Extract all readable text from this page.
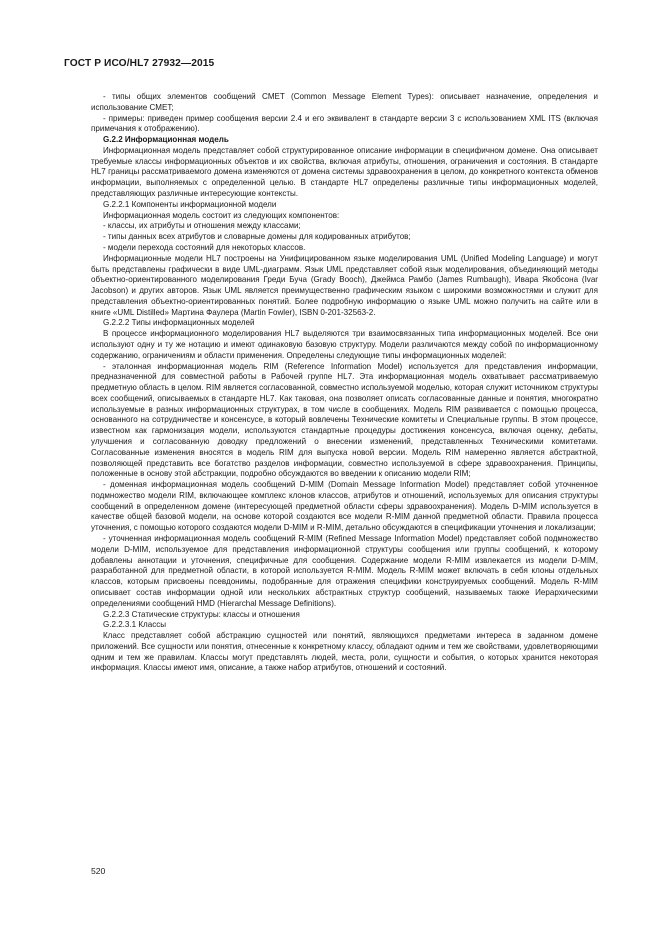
ГОСТ Р ИСО/HL7 27932—2015

- типы общих элементов сообщений CMET (Common Message Element Types): описывает назначение, определения и использование CMET;

- примеры: приведен пример сообщения версии 2.4 и его эквивалент в стандарте версии 3 с использованием XML ITS (включая примечания к отображению).

G.2.2 Информационная модель

Информационная модель представляет собой структурированное описание информации в специфичном домене. Она описывает требуемые классы информационных объектов и их свойства, включая атрибуты, отношения, ограничения и состояния. В стандарте HL7 границы рассматриваемого домена изменяются от домена системы здравоохранения в целом, до конкретного контекста обменов информации, выполняемых с определенной целью. В стандарте HL7 определены различные типы информационных моделей, представляющих различные интересующие контексты.

G.2.2.1 Компоненты информационной модели

Информационная модель состоит из следующих компонентов:

- классы, их атрибуты и отношения между классами;

- типы данных всех атрибутов и словарные домены для кодированных атрибутов;

- модели перехода состояний для некоторых классов.

Информационные модели HL7 построены на Унифицированном языке моделирования UML (Unified Modeling Language) и могут быть представлены графически в виде UML-диаграмм. Язык UML представляет собой язык моделирования, объединяющий методы объектно-ориентированного моделирования Греди Буча (Grady Booch), Джеймса Рамбо (James Rumbaugh), Ивара Якобсона (Ivar Jacobson) и других авторов. Язык UML является преимущественно графическим языком с широкими возможностями и служит для представления объектно-ориентированных понятий. Более подробную информацию о языке UML можно получить на сайте или в книге «UML Distilled» Мартина Фаулера (Martin Fowler), ISBN 0-201-32563-2.

G.2.2.2 Типы информационных моделей

В процессе информационного моделирования HL7 выделяются три взаимосвязанных типа информационных моделей. Все они используют одну и ту же нотацию и имеют одинаковую базовую структуру. Модели различаются между собой по информационному содержанию, ограничениям и области применения. Определены следующие типы информационных моделей:

- эталонная информационная модель RIM (Reference Information Model) используется для представления информации, предназначенной для совместной работы в Рабочей группе HL7. Эта информационная модель охватывает рассматриваемую предметную область в целом. RIM является согласованной, совместно используемой моделью, которая служит источником структуры всех сообщений, описываемых в стандарте HL7. Как таковая, она позволяет описать согласованные данные и понятия, многократно используемые в разных информационных структурах, в том числе в сообщениях. Модель RIM развивается с помощью процесса, основанного на сотрудничестве и консенсусе, в который вовлечены Технические комитеты и Специальные группы. В этом процессе, известном как гармонизация модели, используются стандартные процедуры достижения консенсуса, включая оценку, дебаты, улучшения и согласованную доводку предложений о внесении изменений, представленных Техническими комитетами. Согласованные изменения вносятся в модель RIM для выпуска новой версии. Модель RIM намеренно является абстрактной, позволяющей представить все богатство разделов информации, совместно используемой в сфере здравоохранения. Принципы, положенные в основу этой абстракции, подробно обсуждаются во введении к описанию модели RIM;

- доменная информационная модель сообщений D-MIM (Domain Message Information Model) представляет собой уточненное подмножество модели RIM, включающее комплекс клонов классов, атрибутов и отношений, используемых для описания структуры сообщений в определенном домене (интересующей предметной области сферы здравоохранения). Модель D-MIM используется в качестве общей базовой модели, на основе которой создаются все модели R-MIM данной предметной области. Правила процесса уточнения, с помощью которого создаются модели D-MIM и R-MIM, детально обсуждаются в спецификации уточнения и локализации;

- уточненная информационная модель сообщений R-MIM (Refined Message Information Model) представляет собой подмножество модели D-MIM, используемое для представления информационной структуры сообщения или группы сообщений, к которому добавлены аннотации и уточнения, специфичные для сообщения. Содержание модели R-MIM извлекается из модели D-MIM, разработанной для предметной области, в которой используется R-MIM. Модель R-MIM может включать в себя клоны отдельных классов, которым присвоены псевдонимы, подобранные для отражения специфики конструируемых сообщений. Модель R-MIM описывает состав информации одной или нескольких абстрактных структур сообщений, называемых также Иерархическими определениями сообщений HMD (Hierarchal Message Definitions).

G.2.2.3 Статические структуры: классы и отношения

G.2.2.3.1 Классы

Класс представляет собой абстракцию сущностей или понятий, являющихся предметами интереса в заданном домене приложений. Все сущности или понятия, отнесенные к конкретному классу, обладают одним и тем же свойствами, удовлетворяющими одним и тем же правилам. Классы могут представлять людей, места, роли, сущности и события, о которых хранится некоторая информация. Классы имеют имя, описание, а также набор атрибутов, отношений и состояний.

520
